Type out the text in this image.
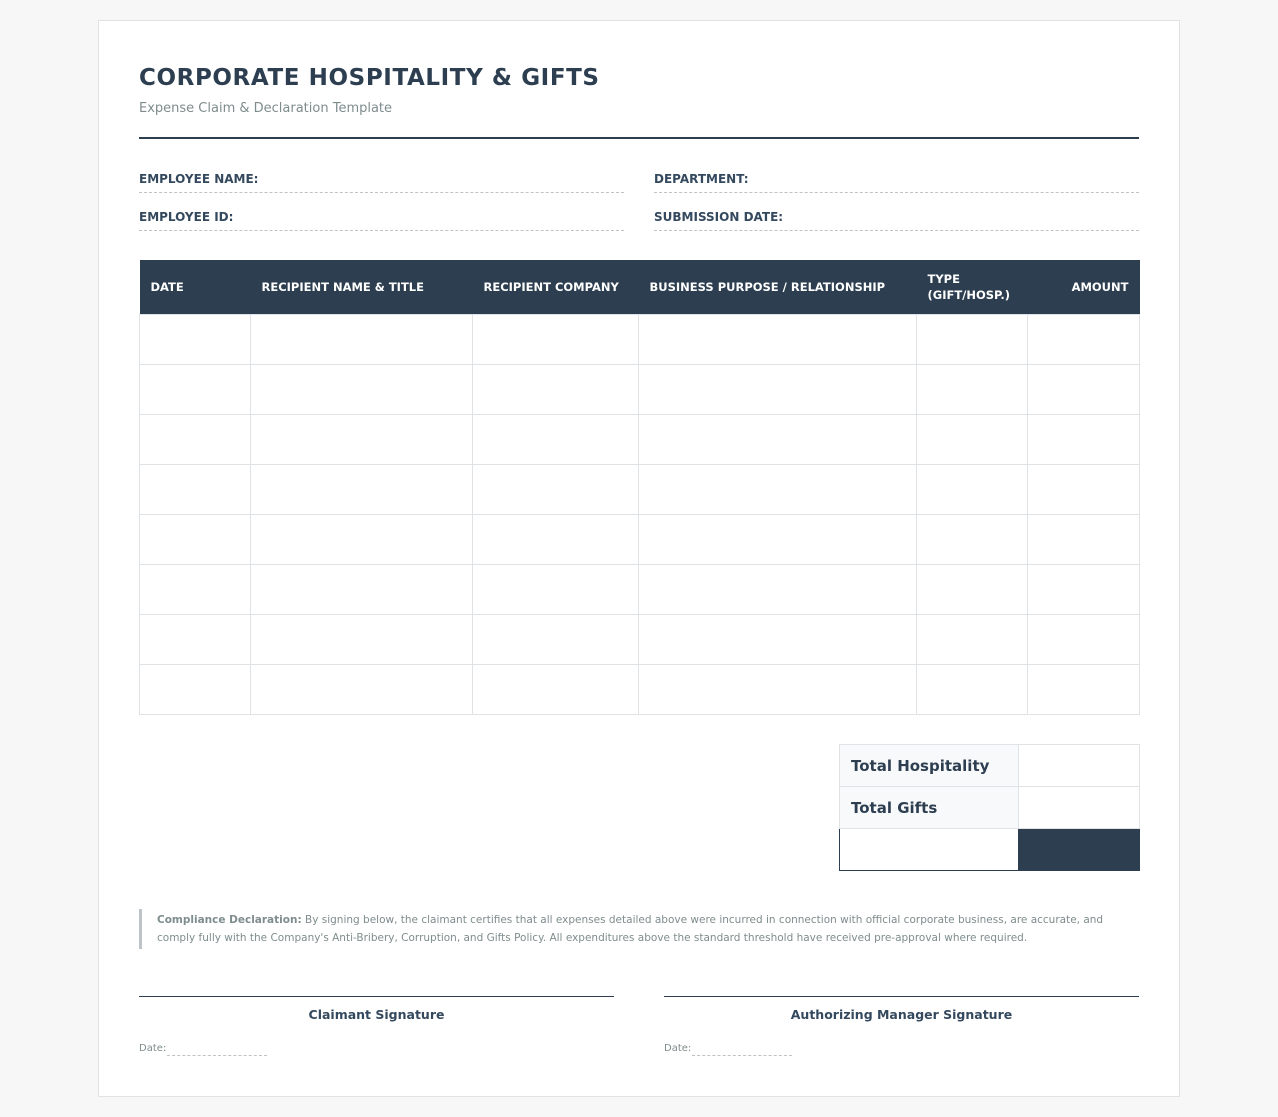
CORPORATE HOSPITALITY & GIFTS
Expense Claim & Declaration Template
EMPLOYEE NAME:	DEPARTMENT:
EMPLOYEE ID:	SUBMISSION DATE:
DATE	RECIPIENT NAME & TITLE	RECIPIENT COMPANY	BUSINESS PURPOSE / RELATIONSHIP	TYPE (GIFT/HOSP.)	AMOUNT

Total Hospitality	
Total Gifts	

Compliance Declaration: By signing below, the claimant certifies that all expenses detailed above were incurred in connection with official corporate business, are accurate, and comply fully with the Company's Anti-Bribery, Corruption, and Gifts Policy. All expenditures above the standard threshold have received pre-approval where required.
Claimant Signature
Date:
Authorizing Manager Signature
Date:
